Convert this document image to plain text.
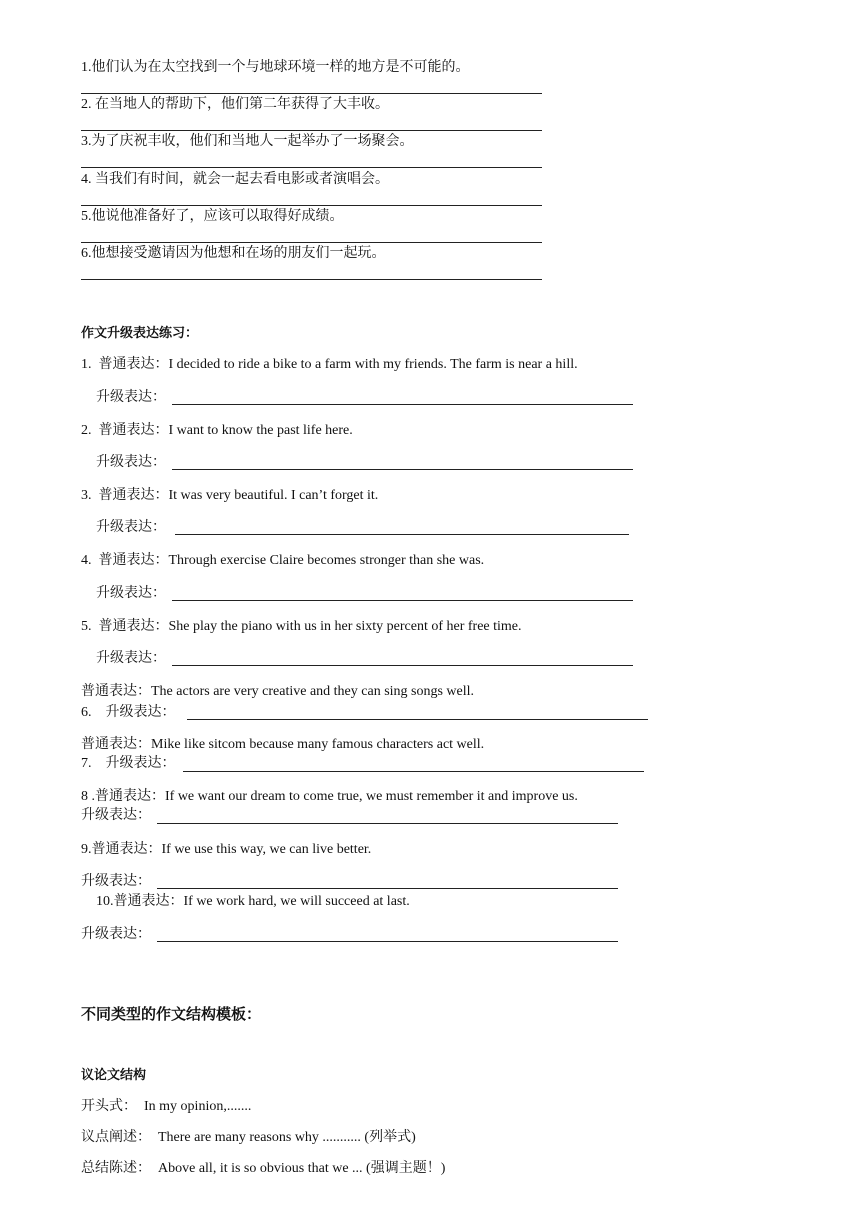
1.他们认为在太空找到一个与地球环境一样的地方是不可能的。
2. 在当地人的帮助下，他们第二年获得了大丰收。
3.为了庆祝丰收，他们和当地人一起举办了一场聚会。
4. 当我们有时间，就会一起去看电影或者演唱会。
5.他说他准备好了，应该可以取得好成绩。
6.他想接受邀请因为他想和在场的朋友们一起玩。
作文升级表达练习：
1.  普通表达：I decided to ride a bike to a farm with my friends. The farm is near a hill.
升级表达：
2.  普通表达：I want to know the past life here.
升级表达：
3.  普通表达：It was very beautiful. I can’t forget it.
升级表达：
4.  普通表达：Through exercise Claire becomes stronger than she was.
升级表达：
5.  普通表达：She play the piano with us in her sixty percent of her free time.
升级表达：
普通表达：The actors are very creative and they can sing songs well.
6.    升级表达：
普通表达：Mike like sitcom because many famous characters act well.
7.    升级表达：
8 .普通表达：If we want our dream to come true, we must remember it and improve us.
升级表达：
9.普通表达：If we use this way, we can live better.
升级表达：
10.普通表达：If we work hard, we will succeed at last.
升级表达：
不同类型的作文结构模板：
议论文结构
开头式：  In my opinion,.......
议点阐述：  There are many reasons why ........... (列举式)
总结陈述：  Above all, it is so obvious that we ... (强调主题！)
